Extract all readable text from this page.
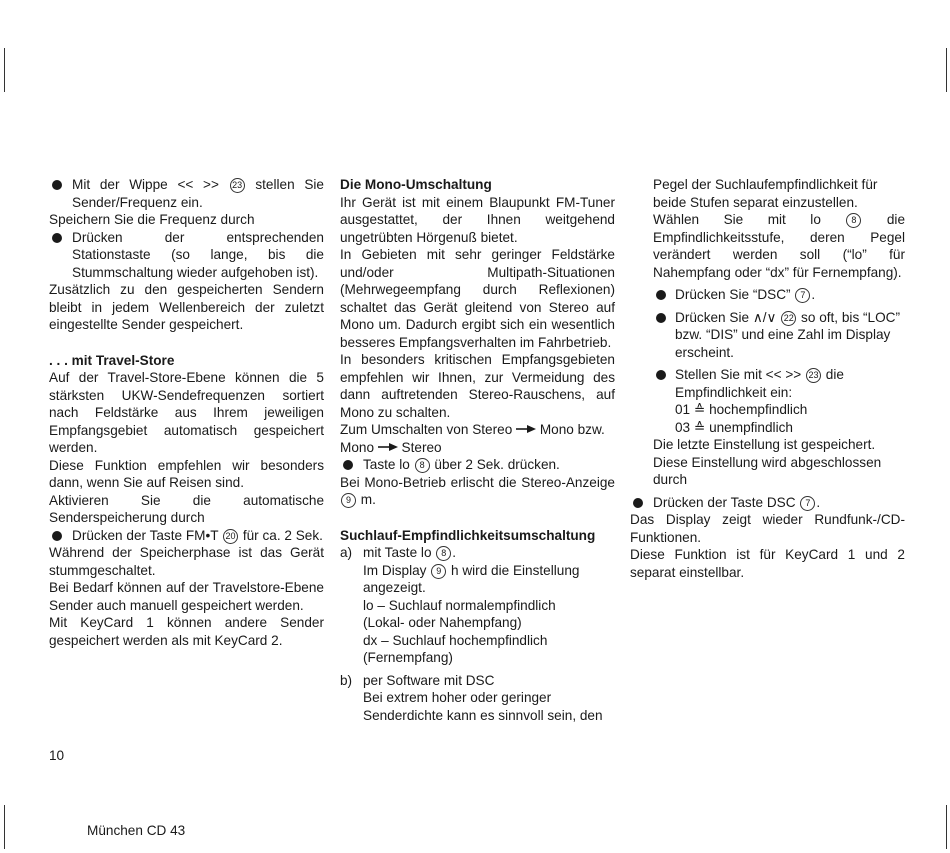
Mit der Wippe << >> 23 stellen Sie Sender/Frequenz ein.

Speichern Sie die Frequenz durch

Drücken der entsprechenden Stationstaste (so lange, bis die Stummschaltung wieder aufgehoben ist).

Zusätzlich zu den gespeicherten Sendern bleibt in jedem Wellenbereich der zuletzt eingestellte Sender gespeichert.

. . . mit Travel-Store

Auf der Travel-Store-Ebene können die 5 stärksten UKW-Sendefrequenzen sortiert nach Feldstärke aus Ihrem jeweiligen Empfangsgebiet automatisch gespeichert werden.

Diese Funktion empfehlen wir besonders dann, wenn Sie auf Reisen sind.

Aktivieren Sie die automatische Senderspeicherung durch

Drücken der Taste FM•T 20 für ca. 2 Sek.

Während der Speicherphase ist das Gerät stummgeschaltet.

Bei Bedarf können auf der Travelstore-Ebene Sender auch manuell gespeichert werden.

Mit KeyCard 1 können andere Sender gespeichert werden als mit KeyCard 2.

Die Mono-Umschaltung

Ihr Gerät ist mit einem Blaupunkt FM-Tuner ausgestattet, der Ihnen weitgehend ungetrübten Hörgenuß bietet.

In Gebieten mit sehr geringer Feldstärke und/oder Multipath-Situationen (Mehrwegeempfang durch Reflexionen) schaltet das Gerät gleitend von Stereo auf Mono um. Dadurch ergibt sich ein wesentlich besseres Empfangsverhalten im Fahrbetrieb.

In besonders kritischen Empfangsgebieten empfehlen wir Ihnen, zur Vermeidung des dann auftretenden Stereo-Rauschens, auf Mono zu schalten.

Zum Umschalten von Stereo  Mono bzw.
Mono  Stereo

Taste lo 8 über 2 Sek. drücken.

Bei Mono-Betrieb erlischt die Stereo-Anzeige 9 m.

Suchlauf-Empfindlichkeitsumschaltung

a) mit Taste lo 8 .
Im Display 9 h wird die Einstellung angezeigt.
lo – Suchlauf normalempfindlich
(Lokal- oder Nahempfang)
dx – Suchlauf hochempfindlich
(Fernempfang)
b) per Software mit DSC
Bei extrem hoher oder geringer Senderdichte kann es sinnvoll sein, den

Pegel der Suchlaufempfindlichkeit für beide Stufen separat einzustellen.

Wählen Sie mit lo 8 die Empfindlichkeitsstufe, deren Pegel verändert werden soll (“lo” für Nahempfang oder “dx” für Fernempfang).

Drücken Sie “DSC” 7 .
Drücken Sie ∧/∨ 22 so oft, bis “LOC” bzw. “DIS” und eine Zahl im Display erscheint.
Stellen Sie mit << >> 23 die Empfindlichkeit ein:
01 ≙ hochempfindlich
03 ≙ unempfindlich

Die letzte Einstellung ist gespeichert.

Diese Einstellung wird abgeschlossen durch

Drücken der Taste DSC 7 .

Das Display zeigt wieder Rundfunk-/CD-Funktionen.

Diese Funktion ist für KeyCard 1 und 2 separat einstellbar.

10
München CD 43
